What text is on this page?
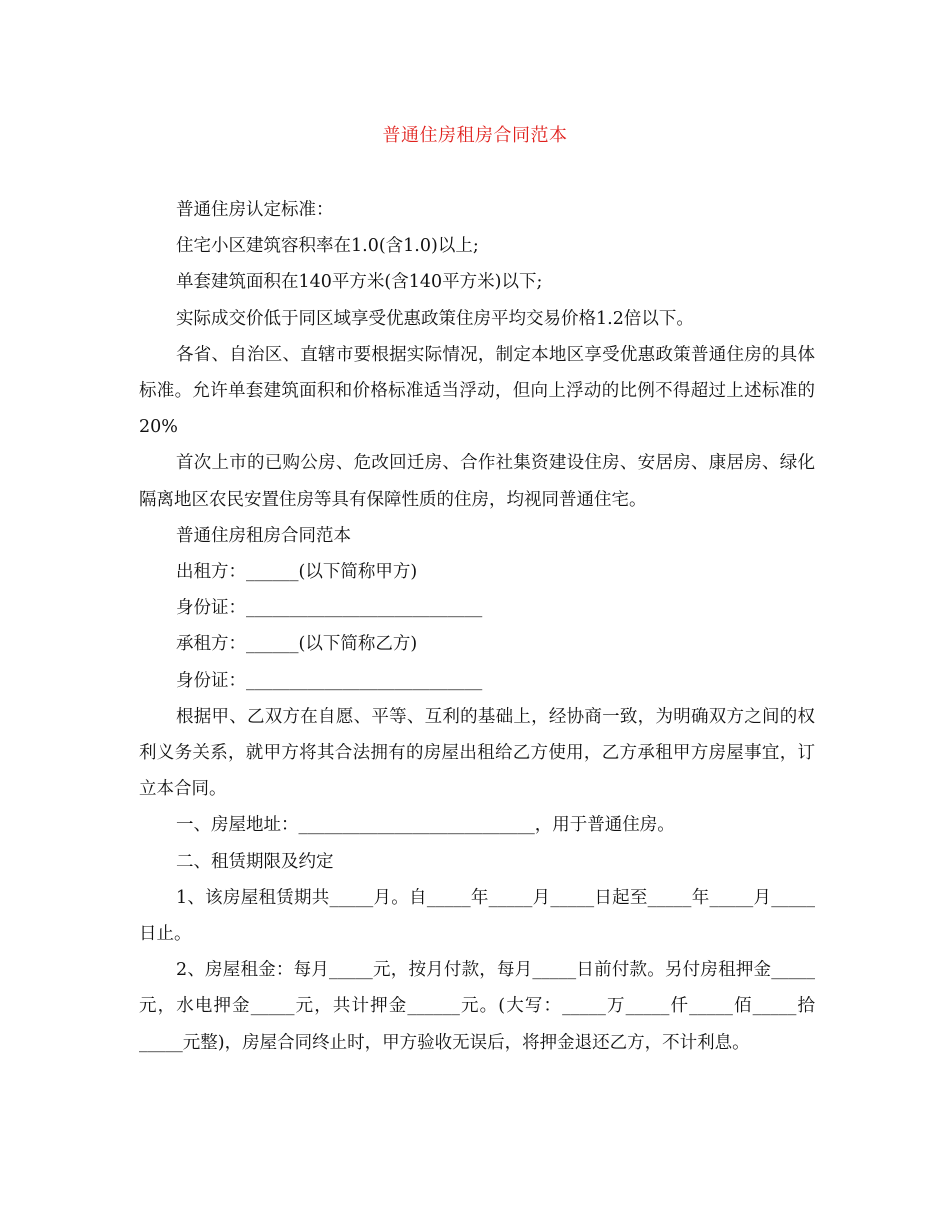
普通住房租房合同范本

普通住房认定标准：

住宅小区建筑容积率在1.0(含1.0)以上;

单套建筑面积在140平方米(含140平方米)以下;

实际成交价低于同区域享受优惠政策住房平均交易价格1.2倍以下。

各省、自治区、直辖市要根据实际情况，制定本地区享受优惠政策普通住房的具体标准。允许单套建筑面积和价格标准适当浮动，但向上浮动的比例不得超过上述标准的20%

首次上市的已购公房、危改回迁房、合作社集资建设住房、安居房、康居房、绿化隔离地区农民安置住房等具有保障性质的住房，均视同普通住宅。

普通住房租房合同范本

出租方：______(以下简称甲方)

身份证：___________________________

承租方：______(以下简称乙方)

身份证：___________________________

根据甲、乙双方在自愿、平等、互利的基础上，经协商一致，为明确双方之间的权利义务关系，就甲方将其合法拥有的房屋出租给乙方使用，乙方承租甲方房屋事宜，订立本合同。

一、房屋地址：___________________________，用于普通住房。

二、租赁期限及约定

1、该房屋租赁期共_____月。自_____年_____月_____日起至_____年_____月_____日止。

2、房屋租金：每月_____元，按月付款，每月_____日前付款。另付房租押金_____元，水电押金_____元，共计押金______元。(大写：_____万_____仟_____佰_____拾_____元整)，房屋合同终止时，甲方验收无误后，将押金退还乙方，不计利息。
